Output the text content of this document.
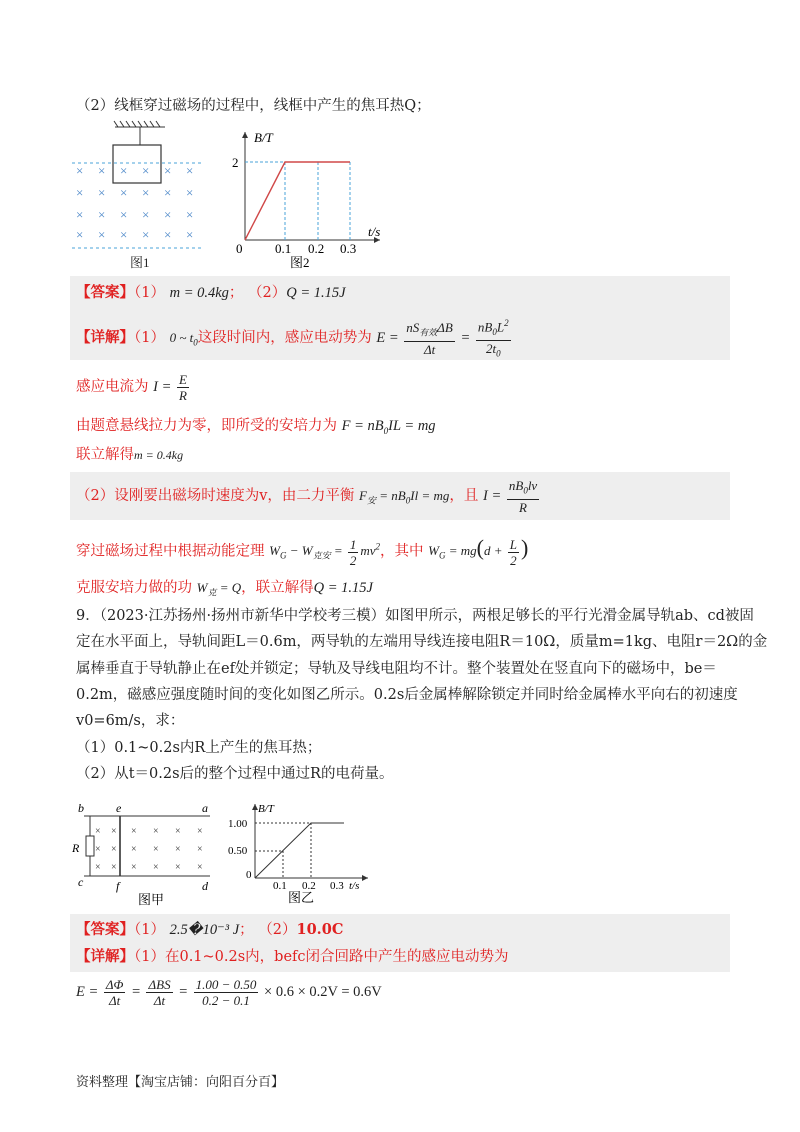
（2）线框穿过磁场的过程中，线框中产生的焦耳热Q；
× × × × × ×
× × × × × ×
× × × × × ×
× × × × × ×
图1
B/T
t/s
2
0	0.1 0.2 0.3
图2
【答案】（1） m = 0.4kg； （2）Q = 1.15J
【详解】（1） 0 ~ $t_0$这段时间内，感应电动势为 $E = \frac{nS_{有效}\Delta B}{\Delta t} = \frac{nB_0L^2}{2t_0}$
感应电流为 $I = \frac{E}{R}$
由题意悬线拉力为零，即所受的安培力为 $F = nB_0IL$ = mg
联立解得m = 0.4kg
（2）设刚要出磁场时速度为v，由二力平衡 $F_安 = nB_0Il$ = mg，且 $I = \frac{nB_0lv}{R}$
穿过磁场过程中根据动能定理 $W_G - W_{克安} = \frac{1}{2} mv^2$，其中 $W_G = mg(d + \frac{L}{2}$ )
克服安培力做的功 $W_克 = Q$，联立解得Q = 1.15J
9．（2023·江苏扬州·扬州市新华中学校考三模）如图甲所示，两根足够长的平行光滑金属导轨ab、cd被固
定在水平面上，导轨间距L＝0.6m，两导轨的左端用导线连接电阻R＝10Ω，质量m=1kg、电阻r＝2Ω的金
属棒垂直于导轨静止在ef处并锁定；导轨及导线电阻均不计。整个装置处在竖直向下的磁场中，be＝
0.2m，磁感应强度随时间的变化如图乙所示。0.2s后金属棒解除锁定并同时给金属棒水平向右的初速度
v0=6m/s，求：
（1）0.1~0.2s内R上产生的焦耳热；
（2）从t＝0.2s后的整个过程中通过R的电荷量。
b	e	a
R
c	f	d
× × × × × ×
× × × × × ×
× × × × × ×
图甲
B/T
1.00
0.50
0
0.1 0.2 0.3 t/s
图乙
【答案】（1） 2.5�10⁻³ J； （2）10.0C
【详解】（1）在0.1~0.2s内，befc闭合回路中产生的感应电动势为
$E = \frac{\Delta\Phi}{\Delta t} = \frac{\text{ΔBS}}{\Delta t} = \frac{1.00 - 0.50}{0.2 - 0.1} \times 0.6 \times 0.2V = 0.6V$
资料整理【淘宝店铺：向阳百分百】
